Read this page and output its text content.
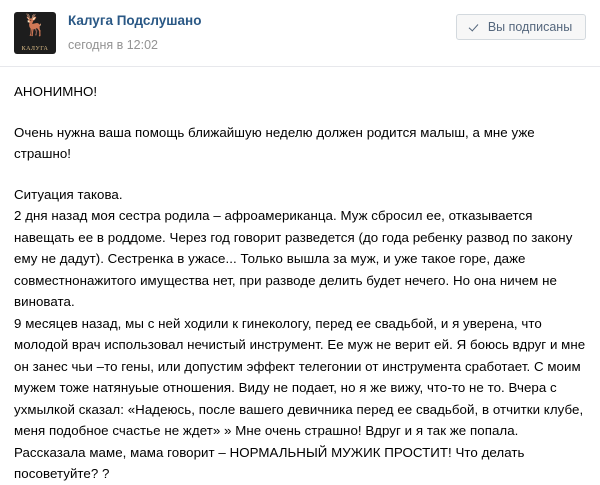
🦌
КАЛУГА
Калуга Подслушано
сегодня в 12:02
Вы подписаны

АНОНИМНО!

Очень нужна ваша помощь ближайшую неделю должен родится малыш, а мне уже страшно!

Ситуация такова.

2 дня назад моя сестра родила – афроамериканца. Муж сбросил ее, отказывается навещать ее в роддоме. Через год говорит разведется (до года ребенку развод по закону ему не дадут). Сестренка в ужасе... Только вышла за муж, и уже такое горе, даже совместнонажитого имущества нет, при разводе делить будет нечего. Но она ничем не виновата.

9 месяцев назад, мы с ней ходили к гинекологу, перед ее свадьбой, и я уверена, что молодой врач использовал нечистый инструмент. Ее муж не верит ей. Я боюсь вдруг и мне он занес чьи –то гены, или допустим эффект телегонии от инструмента сработает. С моим мужем тоже натянуьые отношения. Виду не подает, но я же вижу, что-то не то. Вчера с ухмылкой сказал: «Надеюсь, после вашего девичника перед ее свадьбой, в отчитки клубе, меня подобное счастье не ждет» » Мне очень страшно! Вдруг и я так же попала. Рассказала маме, мама говорит – НОРМАЛЬНЫЙ МУЖИК ПРОСТИТ! Что делать посоветуйте? ?
